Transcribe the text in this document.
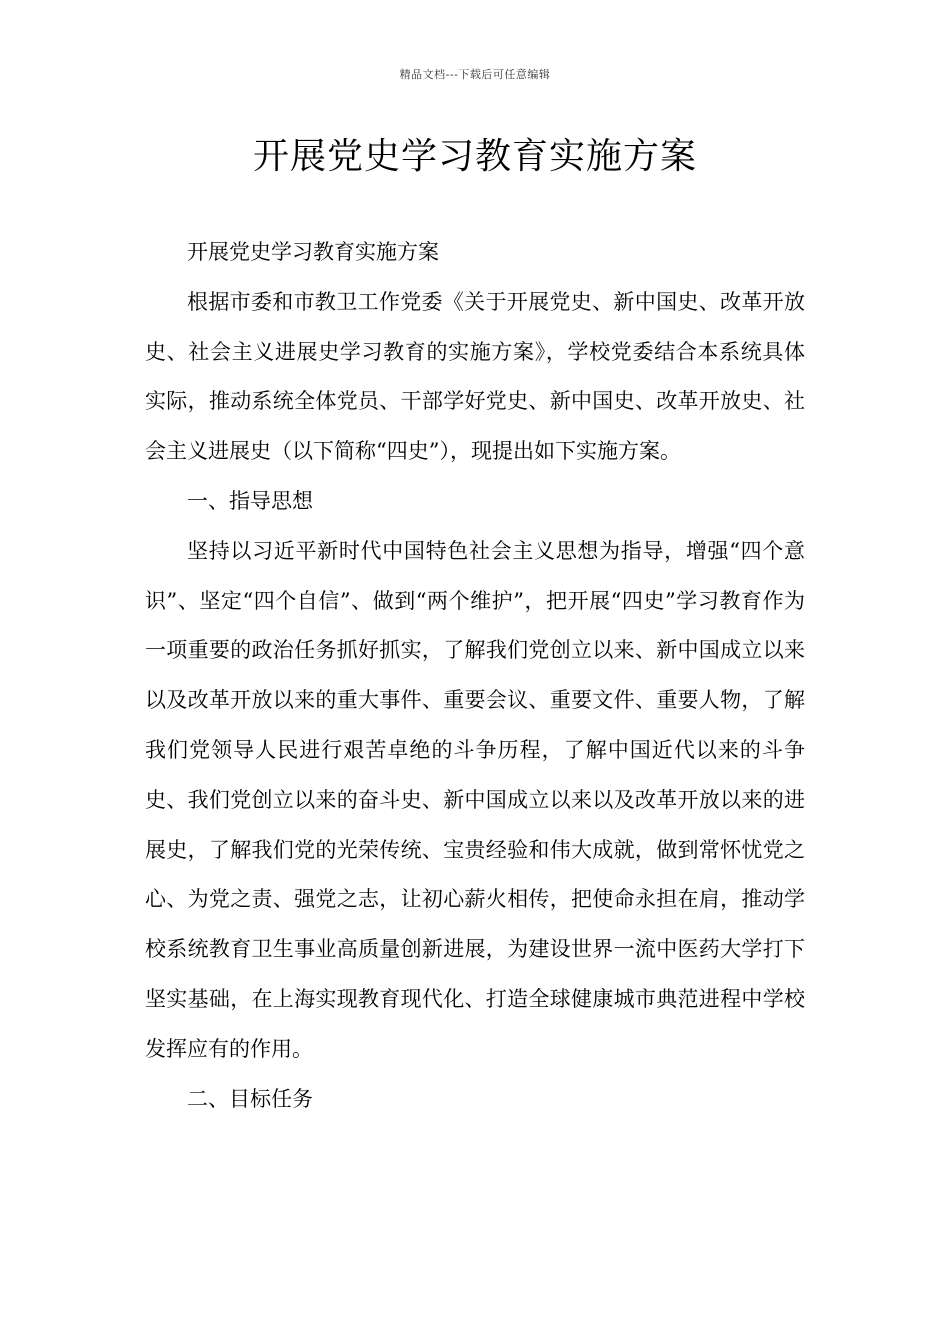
精品文档---下载后可任意编辑
开展党史学习教育实施方案

开展党史学习教育实施方案

根据市委和市教卫工作党委《关于开展党史、新中国史、改革开放史、社会主义进展史学习教育的实施方案》，学校党委结合本系统具体实际，推动系统全体党员、干部学好党史、新中国史、改革开放史、社会主义进展史（以下简称“四史”），现提出如下实施方案。

一、指导思想

坚持以习近平新时代中国特色社会主义思想为指导，增强“四个意识”、坚定“四个自信”、做到“两个维护”，把开展“四史”学习教育作为一项重要的政治任务抓好抓实，了解我们党创立以来、新中国成立以来以及改革开放以来的重大事件、重要会议、重要文件、重要人物，了解我们党领导人民进行艰苦卓绝的斗争历程，了解中国近代以来的斗争史、我们党创立以来的奋斗史、新中国成立以来以及改革开放以来的进展史，了解我们党的光荣传统、宝贵经验和伟大成就，做到常怀忧党之心、为党之责、强党之志，让初心薪火相传，把使命永担在肩，推动学校系统教育卫生事业高质量创新进展，为建设世界一流中医药大学打下坚实基础，在上海实现教育现代化、打造全球健康城市典范进程中学校发挥应有的作用。

二、目标任务
